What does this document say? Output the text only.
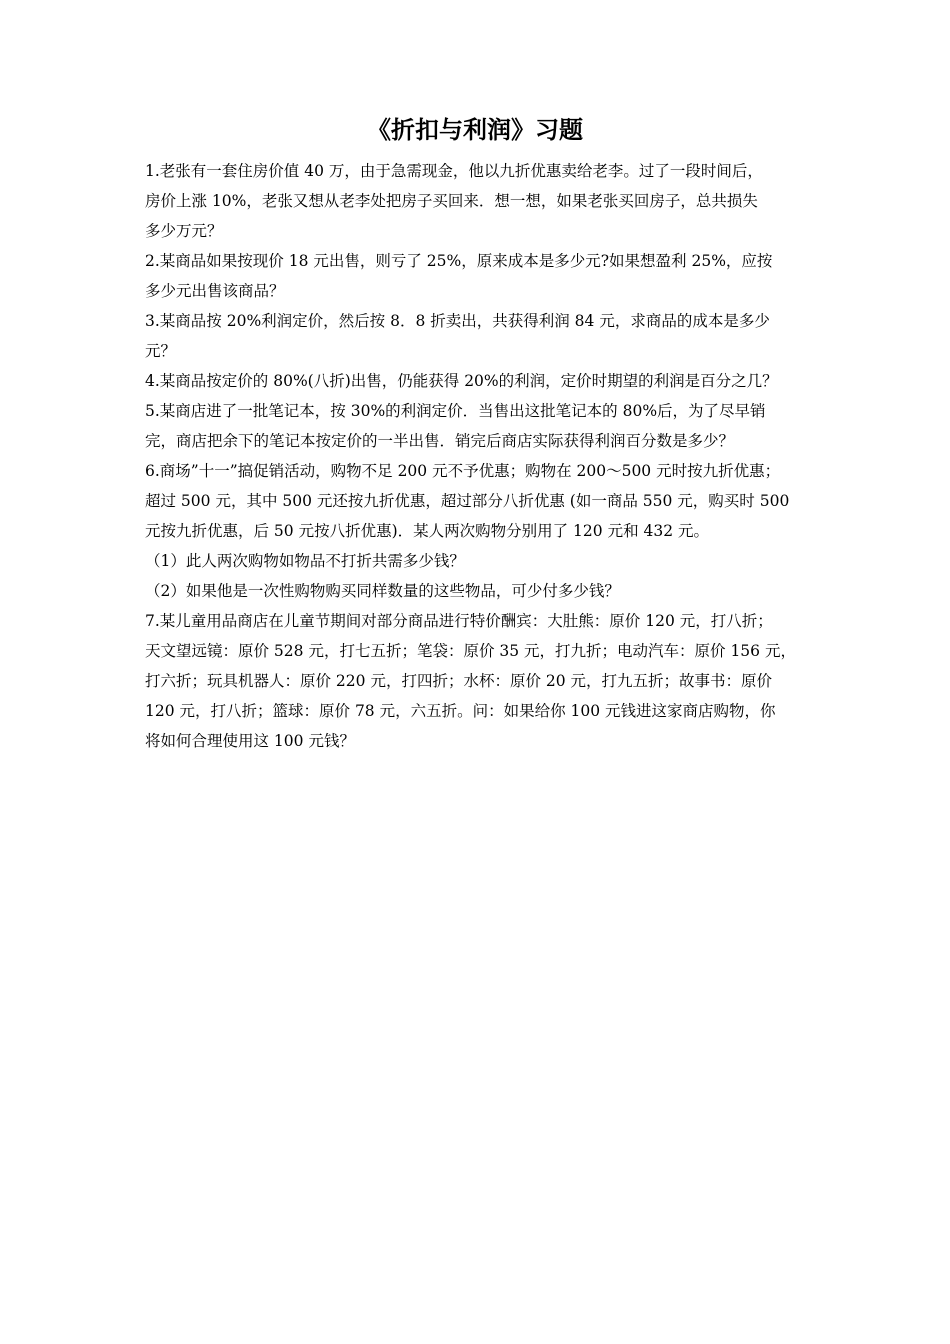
《折扣与利润》习题
1.老张有一套住房价值 40 万，由于急需现金，他以九折优惠卖给老李。过了一段时间后，
房价上涨 10%，老张又想从老李处把房子买回来．想一想，如果老张买回房子，总共损失
多少万元？
2.某商品如果按现价 18 元出售，则亏了 25%，原来成本是多少元?如果想盈利 25%，应按
多少元出售该商品？
3.某商品按 20%利润定价，然后按 8．8 折卖出，共获得利润 84 元，求商品的成本是多少
元？
4.某商品按定价的 80%(八折)出售，仍能获得 20%的利润，定价时期望的利润是百分之几？
5.某商店进了一批笔记本，按 30%的利润定价．当售出这批笔记本的 80%后，为了尽早销
完，商店把余下的笔记本按定价的一半出售．销完后商店实际获得利润百分数是多少？
6.商场”十一”搞促销活动，购物不足 200 元不予优惠；购物在 200～500 元时按九折优惠；
超过 500 元，其中 500 元还按九折优惠，超过部分八折优惠 (如一商品 550 元，购买时 500
元按九折优惠，后 50 元按八折优惠)．某人两次购物分别用了 120 元和 432 元。
（1）此人两次购物如物品不打折共需多少钱？
（2）如果他是一次性购物购买同样数量的这些物品，可少付多少钱？
7.某儿童用品商店在儿童节期间对部分商品进行特价酬宾：大肚熊：原价 120 元，打八折；
天文望远镜：原价 528 元，打七五折；笔袋：原价 35 元，打九折；电动汽车：原价 156 元，
打六折；玩具机器人：原价 220 元，打四折；水杯：原价 20 元，打九五折；故事书：原价
120 元，打八折；篮球：原价 78 元，六五折。问：如果给你 100 元钱进这家商店购物，你
将如何合理使用这 100 元钱？
